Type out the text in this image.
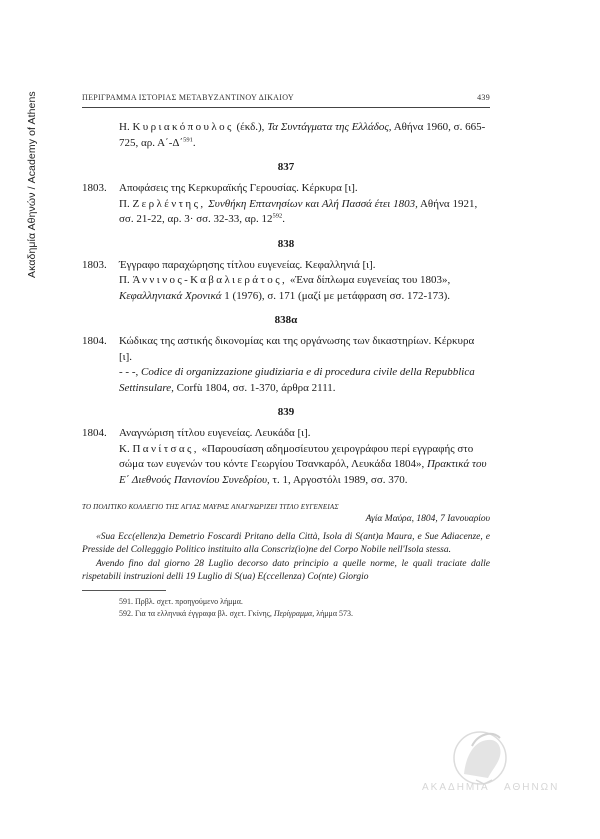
Ακαδημία Αθηνών / Academy of Athens	ΠΕΡΙΓΡΑΜΜΑ ΙΣΤΟΡΙΑΣ ΜΕΤΑΒΥΖΑΝΤΙΝΟΥ ΔΙΚΑΙΟΥ	439
Η. Κυριακόπουλος (έκδ.), Τα Συντάγματα της Ελλάδος, Αθήνα 1960, σ. 665-725, αρ. Α΄-Δ΄$^{591}$.
837
1803.	Αποφάσεις της Κερκυραϊκής Γερουσίας. Κέρκυρα [ι].
Π. Ζερλέντης, Συνθήκη Επτανησίων και Αλή Πασσά έτει 1803, Αθήνα 1921, σσ. 21-22, αρ. 3· σσ. 32-33, αρ. $12^{592}$.
838
1803.	Έγγραφο παραχώρησης τίτλου ευγενείας. Κεφαλληνιά [ι].
Π. Άννινος-Καβαλιεράτος, «Ένα δίπλωμα ευγενείας του 1803», Κεφαλληνιακά Χρονικά 1 (1976), σ. 171 (μαζί με μετάφραση σσ. 172-173).
838α
1804.	Κώδικας της αστικής δικονομίας και της οργάνωσης των δικαστηρίων. Κέρκυρα [ι].
- - -, Codice di organizzazione giudiziaria e di procedura civile della Repubblica Settinsulare, Corfù 1804, σσ. 1-370, άρθρα 2111.
839
1804.	Αναγνώριση τίτλου ευγενείας. Λευκάδα [ι].
Κ. Πανίτσας, «Παρουσίαση αδημοσίευτου χειρογράφου περί εγγραφής στο σώμα των ευγενών του κόντε Γεωργίου Τσανκαρόλ, Λευκάδα 1804», Πρακτικά του Ε΄ Διεθνούς Πανιονίου Συνεδρίου, τ. 1, Αργοστόλι 1989, σσ. 370.
ΤΟ ΠΟΛΙΤΙΚΟ ΚΟΛΛΕΓΙΟ ΤΗΣ ΑΓΙΑΣ ΜΑΥΡΑΣ ΑΝΑΓΝΩΡΙΖΕΙ ΤΙΤΛΟ ΕΥΓΕΝΕΙΑΣ
Αγία Μαύρα, 1804, 7 Ιανουαρίου

«Sua Ecc(ellenz)a Demetrio Foscardi Pritano della Città, Isola di S(ant)a Maura, e Sue Adiacenze, e Presside del Collegggio Politico instituito alla Conscriz(io)ne del Corpo Nobile nell'Isola stessa.

Avendo fino dal giorno 28 Luglio decorso dato principio a quelle norme, le quali traciate dalle rispetabili instruzioni delli 19 Luglio di S(ua) E(ccellenza) Co(nte) Giorgio

591. Πρβλ. σχετ. προηγούμενο λήμμα.
592. Για τα ελληνικά έγγραφα βλ. σχετ. Γκίνης, Περίγραμμα, λήμμα 573.
ΑΚΑΔΗΜΙΑ ΑΘΗΝΩΝ
